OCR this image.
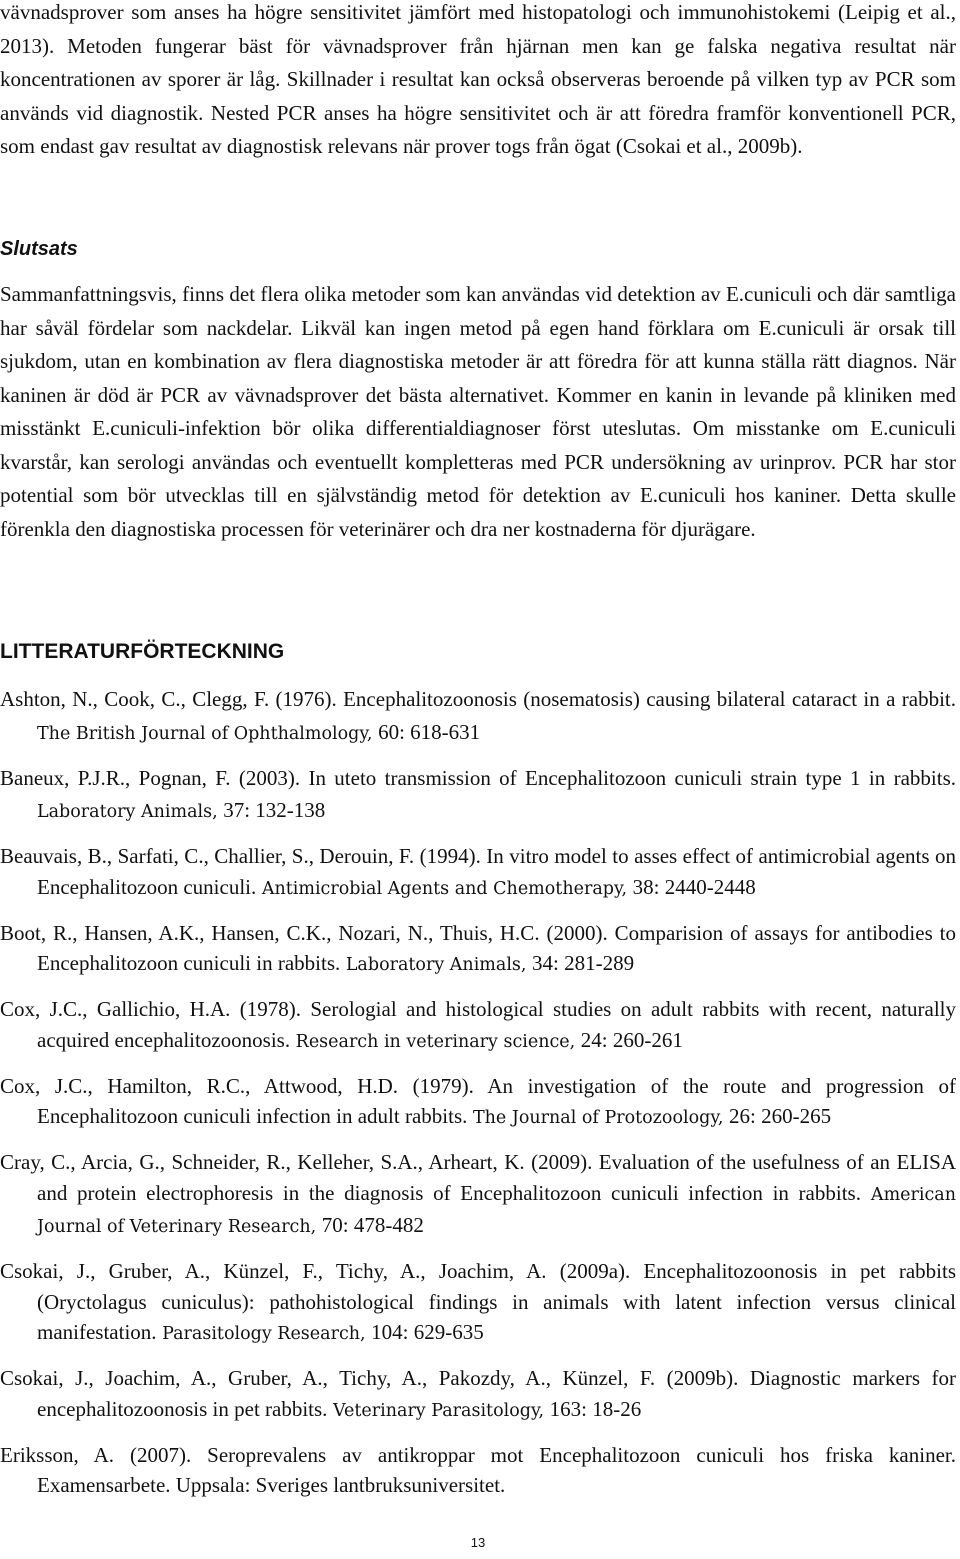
vävnadsprover som anses ha högre sensitivitet jämfört med histopatologi och immunohistokemi (Leipig et al., 2013). Metoden fungerar bäst för vävnadsprover från hjärnan men kan ge falska negativa resultat när koncentrationen av sporer är låg. Skillnader i resultat kan också observeras beroende på vilken typ av PCR som används vid diagnostik. Nested PCR anses ha högre sensitivitet och är att föredra framför konventionell PCR, som endast gav resultat av diagnostisk relevans när prover togs från ögat (Csokai et al., 2009b).

Slutsats

Sammanfattningsvis, finns det flera olika metoder som kan användas vid detektion av E.cuniculi och där samtliga har såväl fördelar som nackdelar. Likväl kan ingen metod på egen hand förklara om E.cuniculi är orsak till sjukdom, utan en kombination av flera diagnostiska metoder är att föredra för att kunna ställa rätt diagnos. När kaninen är död är PCR av vävnadsprover det bästa alternativet. Kommer en kanin in levande på kliniken med misstänkt E.cuniculi-infektion bör olika differentialdiagnoser först uteslutas. Om misstanke om E.cuniculi kvarstår, kan serologi användas och eventuellt kompletteras med PCR undersökning av urinprov. PCR har stor potential som bör utvecklas till en självständig metod för detektion av E.cuniculi hos kaniner. Detta skulle förenkla den diagnostiska processen för veterinärer och dra ner kostnaderna för djurägare.

LITTERATURFÖRTECKNING

Ashton, N., Cook, C., Clegg, F. (1976). Encephalitozoonosis (nosematosis) causing bilateral cataract in a rabbit. The British Journal of Ophthalmology, 60: 618-631

Baneux, P.J.R., Pognan, F. (2003). In uteto transmission of Encephalitozoon cuniculi strain type 1 in rabbits. Laboratory Animals, 37: 132-138

Beauvais, B., Sarfati, C., Challier, S., Derouin, F. (1994). In vitro model to asses effect of antimicrobial agents on Encephalitozoon cuniculi. Antimicrobial Agents and Chemotherapy, 38: 2440-2448

Boot, R., Hansen, A.K., Hansen, C.K., Nozari, N., Thuis, H.C. (2000). Comparision of assays for antibodies to Encephalitozoon cuniculi in rabbits. Laboratory Animals, 34: 281-289

Cox, J.C., Gallichio, H.A. (1978). Serologial and histological studies on adult rabbits with recent, naturally acquired encephalitozoonosis. Research in veterinary science, 24: 260-261

Cox, J.C., Hamilton, R.C., Attwood, H.D. (1979). An investigation of the route and progression of Encephalitozoon cuniculi infection in adult rabbits. The Journal of Protozoology, 26: 260-265

Cray, C., Arcia, G., Schneider, R., Kelleher, S.A., Arheart, K. (2009). Evaluation of the usefulness of an ELISA and protein electrophoresis in the diagnosis of Encephalitozoon cuniculi infection in rabbits. American Journal of Veterinary Research, 70: 478-482

Csokai, J., Gruber, A., Künzel, F., Tichy, A., Joachim, A. (2009a). Encephalitozoonosis in pet rabbits (Oryctolagus cuniculus): pathohistological findings in animals with latent infection versus clinical manifestation. Parasitology Research, 104: 629-635

Csokai, J., Joachim, A., Gruber, A., Tichy, A., Pakozdy, A., Künzel, F. (2009b). Diagnostic markers for encephalitozoonosis in pet rabbits. Veterinary Parasitology, 163: 18-26

Eriksson, A. (2007). Seroprevalens av antikroppar mot Encephalitozoon cuniculi hos friska kaniner. Examensarbete. Uppsala: Sveriges lantbruksuniversitet.

13
